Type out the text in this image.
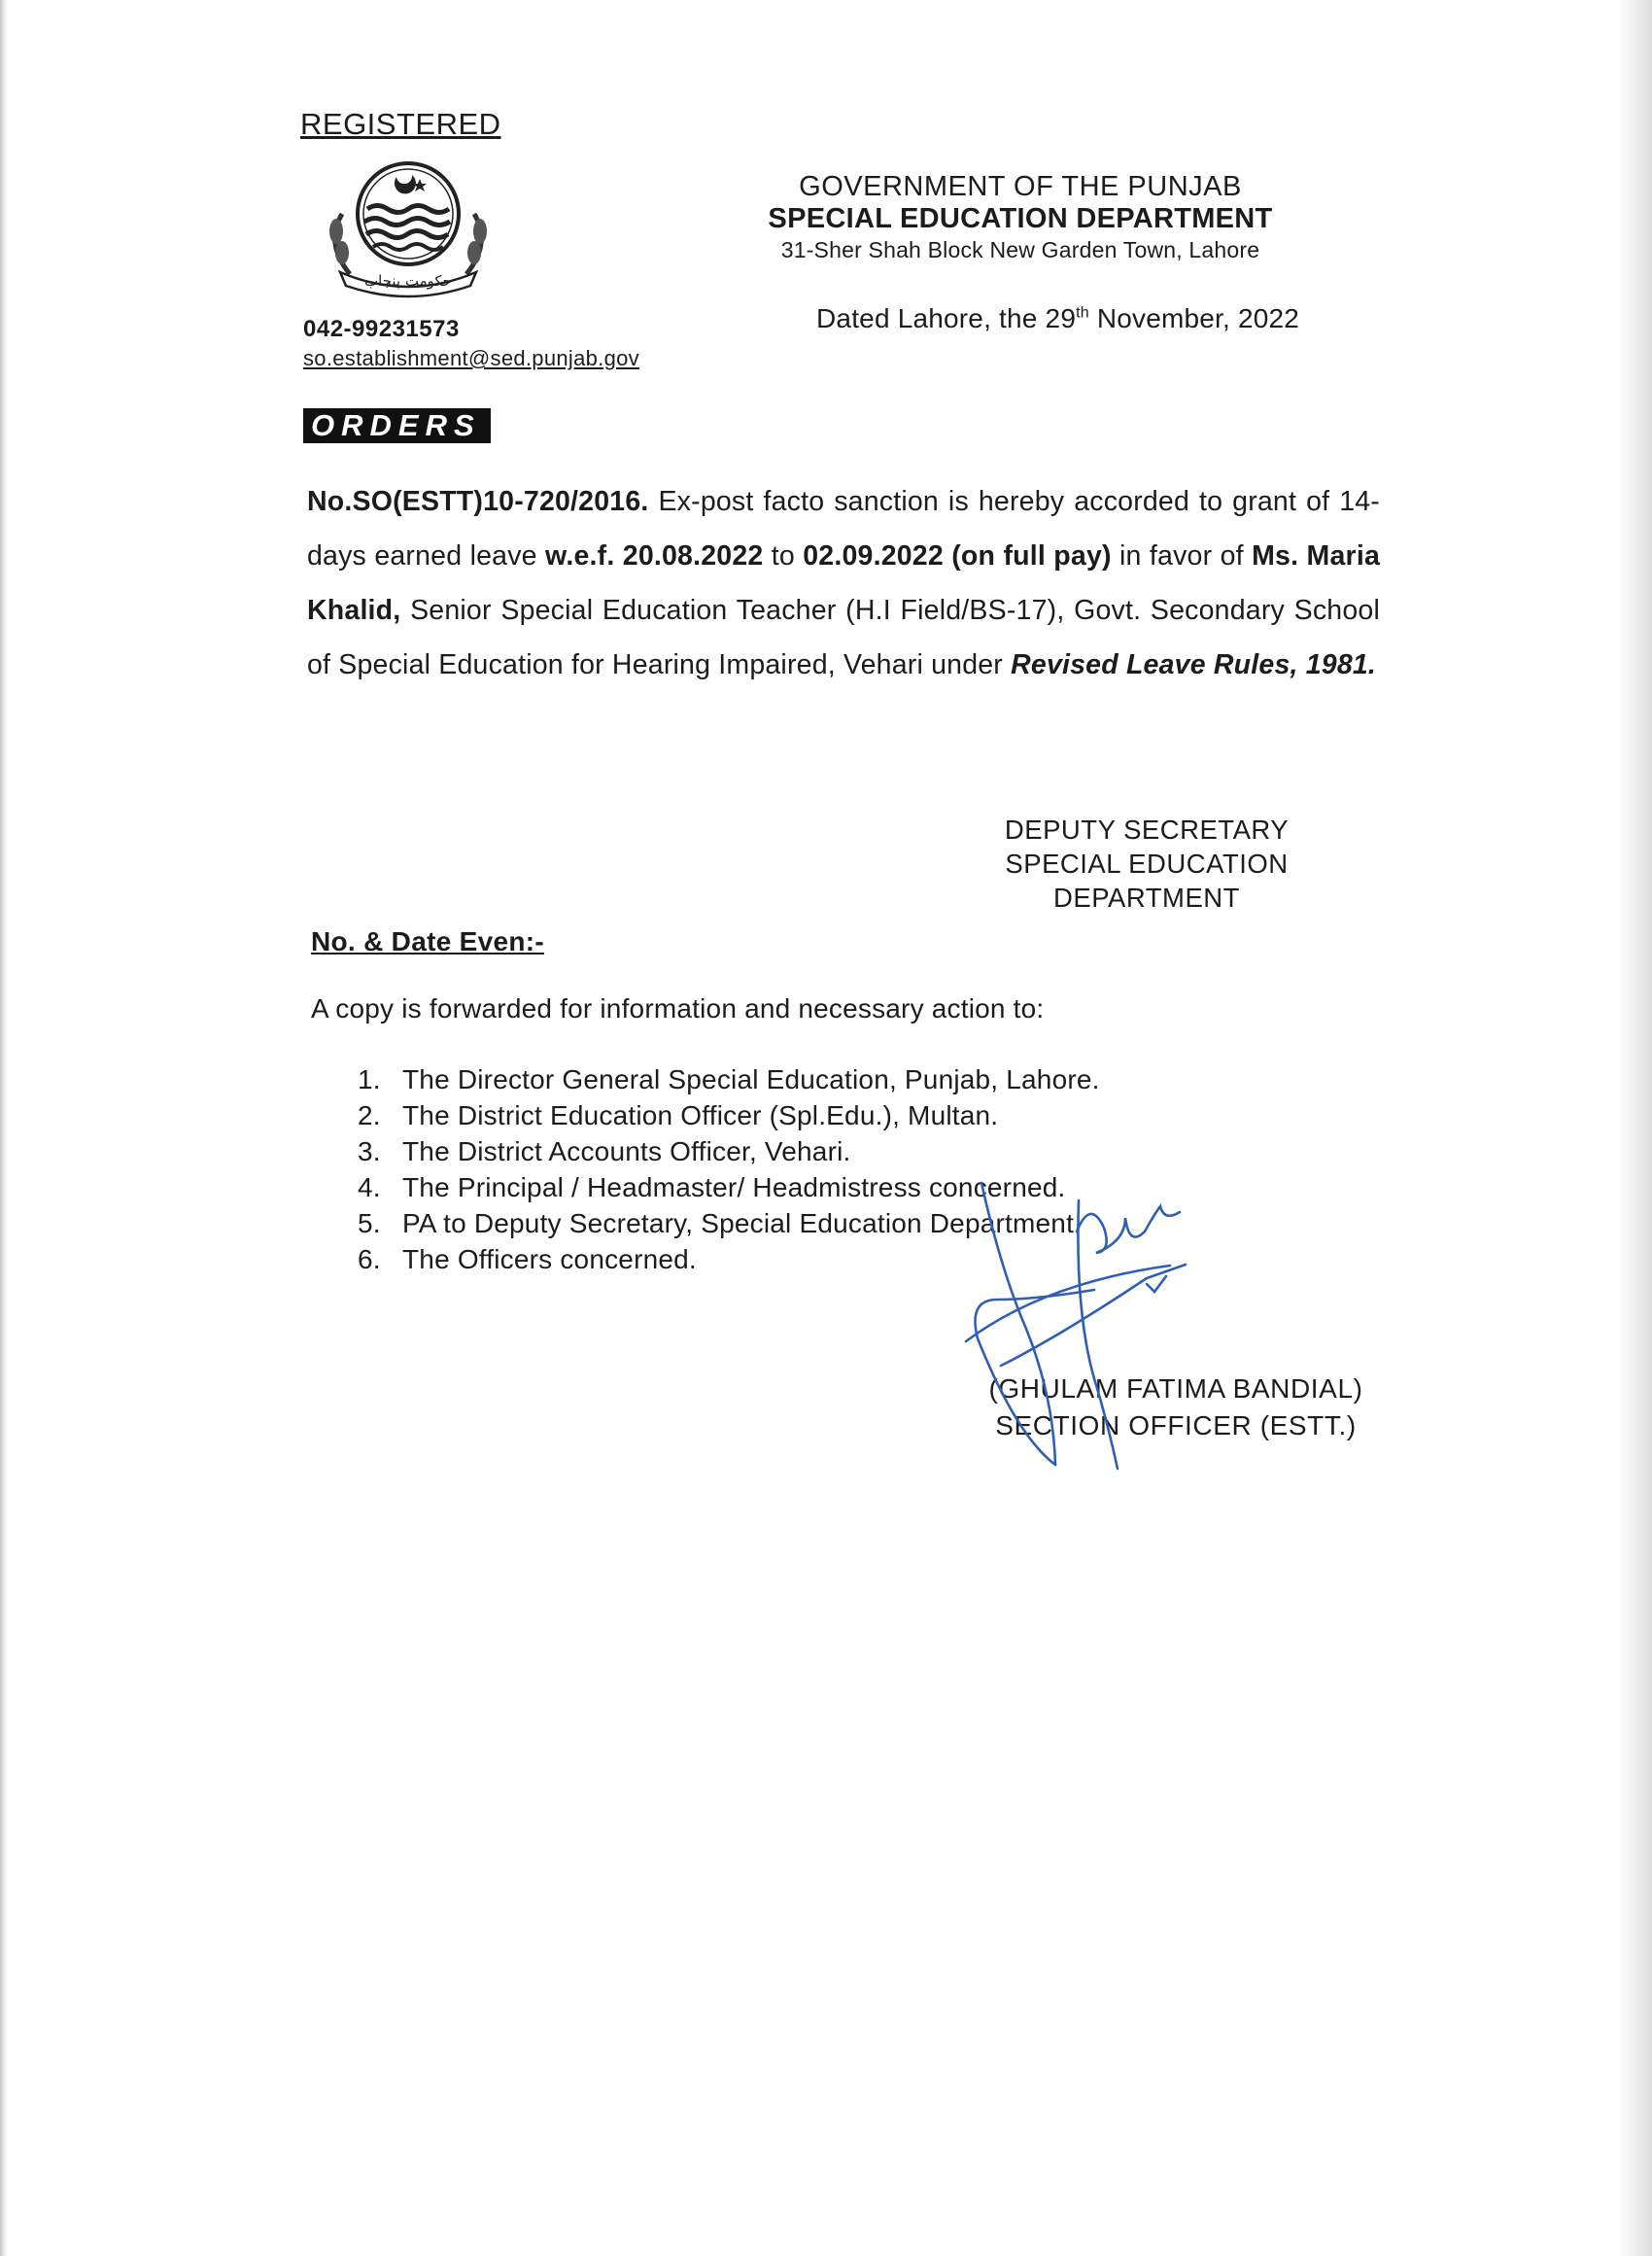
REGISTERED
حکومت پنجاب
042-99231573
so.establishment@sed.punjab.gov
GOVERNMENT OF THE PUNJAB
SPECIAL EDUCATION DEPARTMENT
31-Sher Shah Block New Garden Town, Lahore
Dated Lahore, the 29th November, 2022
ORDERS
No.SO(ESTT)10-720/2016. Ex-post facto sanction is hereby accorded to grant of 14-days earned leave w.e.f. 20.08.2022 to 02.09.2022 (on full pay) in favor of Ms. Maria Khalid, Senior Special Education Teacher (H.I Field/BS-17), Govt. Secondary School of Special Education for Hearing Impaired, Vehari under Revised Leave Rules, 1981.
DEPUTY SECRETARY
SPECIAL EDUCATION
DEPARTMENT
No. & Date Even:-
A copy is forwarded for information and necessary action to:
1. The Director General Special Education, Punjab, Lahore.
2. The District Education Officer (Spl.Edu.), Multan.
3. The District Accounts Officer, Vehari.
4. The Principal / Headmaster/ Headmistress concerned.
5. PA to Deputy Secretary, Special Education Department.
6. The Officers concerned.
(GHULAM FATIMA BANDIAL)
SECTION OFFICER (ESTT.)
